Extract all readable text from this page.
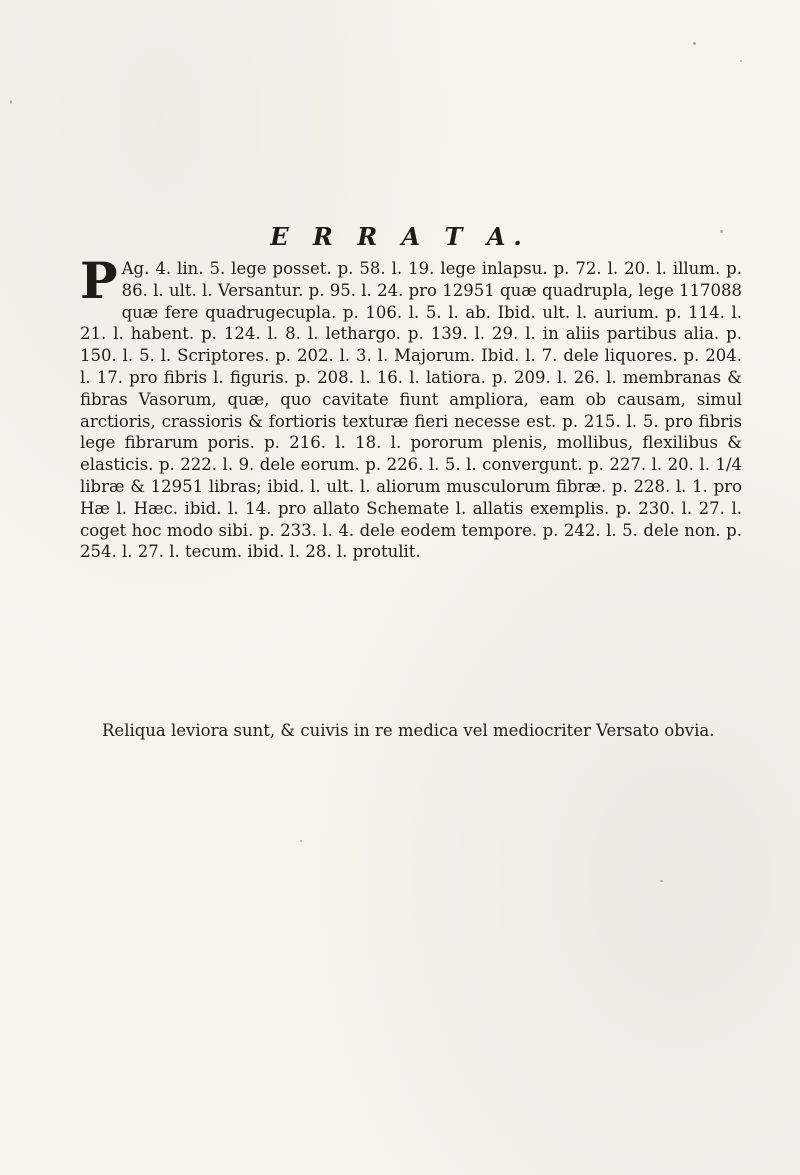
E R R Α T Α.
P Ag. 4. lin. 5. lege posset. p. 58. l. 19. lege inlapsu. p. 72. l. 20. l. illum. p. 86. l. ult. l. Versantur. p. 95. l. 24. pro 12951 quæ quadrupla, lege 117088 quæ fere quadrugecupla. p. 106. l. 5. l. ab. Ibid. ult. l. aurium. p. 114. l. 21. l. habent. p. 124. l. 8. l. lethargo. p. 139. l. 29. l. in aliis partibus alia. p. 150. l. 5. l. Scriptores. p. 202. l. 3. l. Majorum. Ibid. l. 7. dele liquores. p. 204. l. 17. pro fibris l. figuris. p. 208. l. 16. l. latiora. p. 209. l. 26. l. membranas & fibras Vasorum, quæ, quo cavitate fiunt ampliora, eam ob causam, simul arctioris, crassioris & fortioris texturæ fieri necesse est. p. 215. l. 5. pro fibris lege fibrarum poris. p. 216. l. 18. l. pororum plenis, mollibus, flexilibus & elasticis. p. 222. l. 9. dele eorum. p. 226. l. 5. l. convergunt. p. 227. l. 20. l. 1/4 libræ & 12951 libras; ibid. l. ult. l. aliorum musculorum fibræ. p. 228. l. 1. pro Hæ l. Hæc. ibid. l. 14. pro allato Schemate l. allatis exemplis. p. 230. l. 27. l. coget hoc modo sibi. p. 233. l. 4. dele eodem tempore. p. 242. l. 5. dele non. p. 254. l. 27. l. tecum. ibid. l. 28. l. protulit.
Reliqua leviora sunt, & cuivis in re medica vel mediocriter Versato obvia.
